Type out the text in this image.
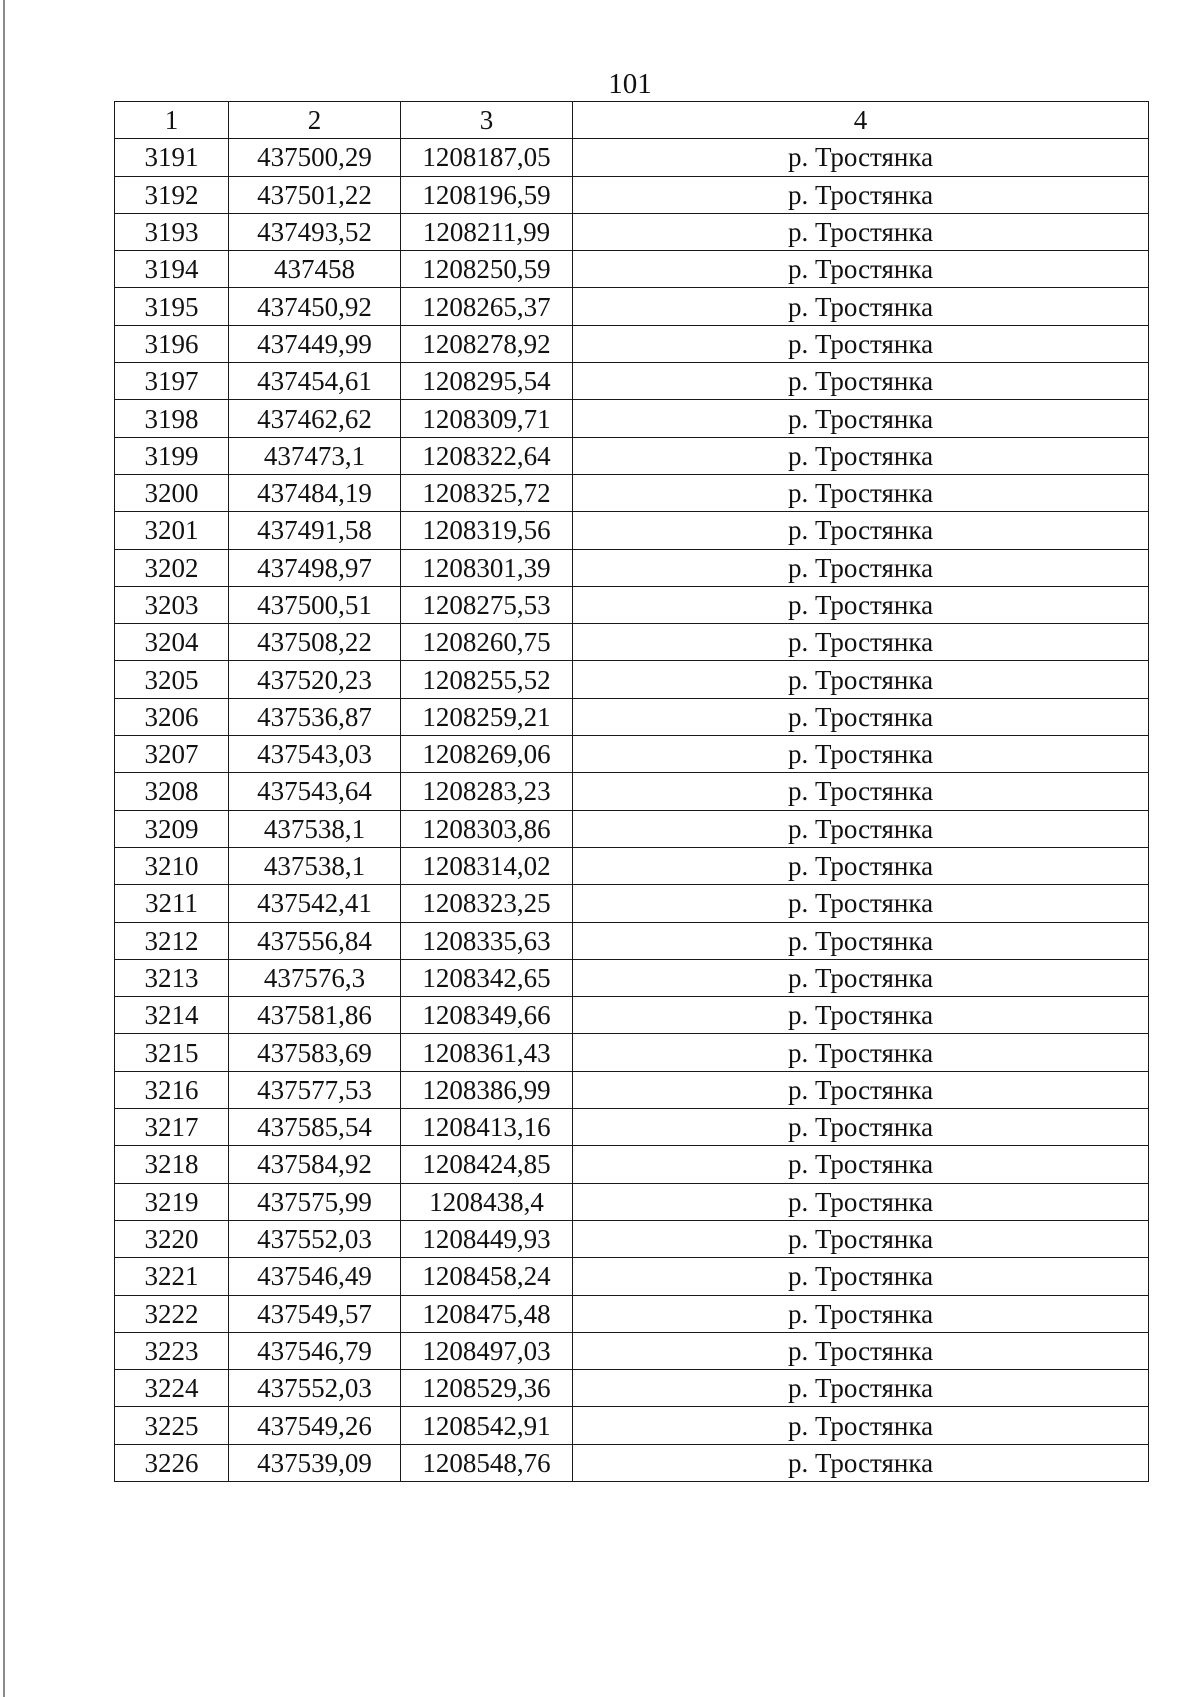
101
1	2	3	4
3191	437500,29	1208187,05	р. Тростянка
3192	437501,22	1208196,59	р. Тростянка
3193	437493,52	1208211,99	р. Тростянка
3194	437458	1208250,59	р. Тростянка
3195	437450,92	1208265,37	р. Тростянка
3196	437449,99	1208278,92	р. Тростянка
3197	437454,61	1208295,54	р. Тростянка
3198	437462,62	1208309,71	р. Тростянка
3199	437473,1	1208322,64	р. Тростянка
3200	437484,19	1208325,72	р. Тростянка
3201	437491,58	1208319,56	р. Тростянка
3202	437498,97	1208301,39	р. Тростянка
3203	437500,51	1208275,53	р. Тростянка
3204	437508,22	1208260,75	р. Тростянка
3205	437520,23	1208255,52	р. Тростянка
3206	437536,87	1208259,21	р. Тростянка
3207	437543,03	1208269,06	р. Тростянка
3208	437543,64	1208283,23	р. Тростянка
3209	437538,1	1208303,86	р. Тростянка
3210	437538,1	1208314,02	р. Тростянка
3211	437542,41	1208323,25	р. Тростянка
3212	437556,84	1208335,63	р. Тростянка
3213	437576,3	1208342,65	р. Тростянка
3214	437581,86	1208349,66	р. Тростянка
3215	437583,69	1208361,43	р. Тростянка
3216	437577,53	1208386,99	р. Тростянка
3217	437585,54	1208413,16	р. Тростянка
3218	437584,92	1208424,85	р. Тростянка
3219	437575,99	1208438,4	р. Тростянка
3220	437552,03	1208449,93	р. Тростянка
3221	437546,49	1208458,24	р. Тростянка
3222	437549,57	1208475,48	р. Тростянка
3223	437546,79	1208497,03	р. Тростянка
3224	437552,03	1208529,36	р. Тростянка
3225	437549,26	1208542,91	р. Тростянка
3226	437539,09	1208548,76	р. Тростянка
